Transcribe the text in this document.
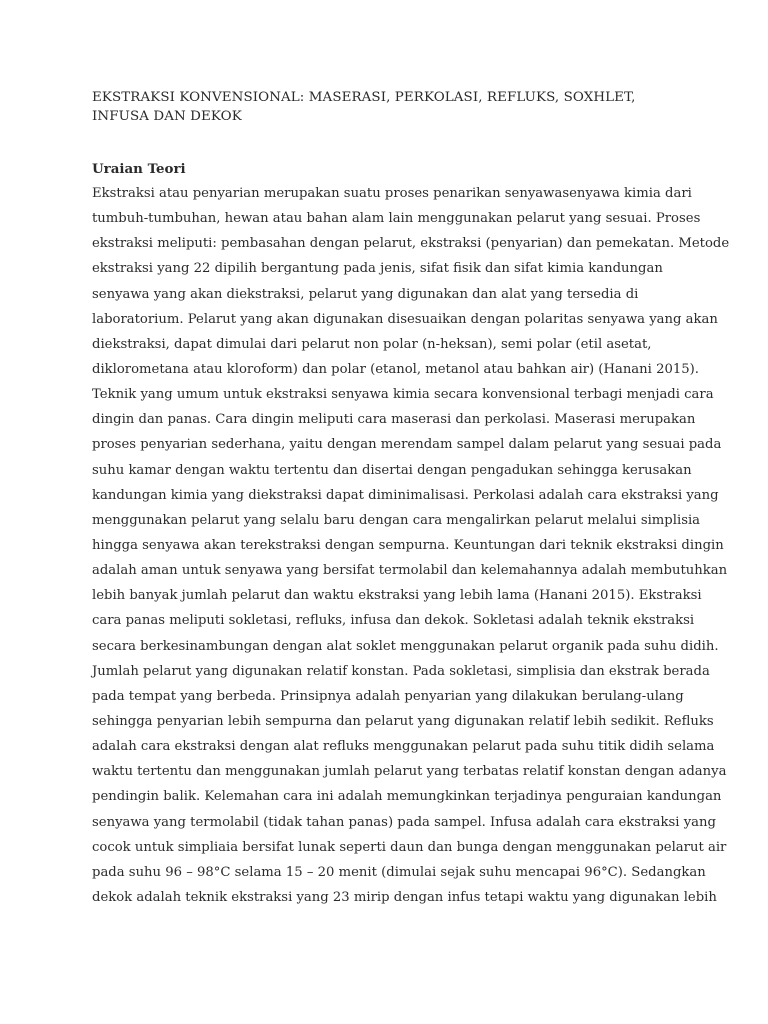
EKSTRAKSI KONVENSIONAL: MASERASI, PERKOLASI, REFLUKS, SOXHLET,
INFUSA DAN DEKOK
Uraian Teori
Ekstraksi atau penyarian merupakan suatu proses penarikan senyawasenyawa kimia dari
tumbuh-tumbuhan, hewan atau bahan alam lain menggunakan pelarut yang sesuai. Proses
ekstraksi meliputi: pembasahan dengan pelarut, ekstraksi (penyarian) dan pemekatan. Metode
ekstraksi yang 22 dipilih bergantung pada jenis, sifat fisik dan sifat kimia kandungan
senyawa yang akan diekstraksi, pelarut yang digunakan dan alat yang tersedia di
laboratorium. Pelarut yang akan digunakan disesuaikan dengan polaritas senyawa yang akan
diekstraksi, dapat dimulai dari pelarut non polar (n-heksan), semi polar (etil asetat,
diklorometana atau kloroform) dan polar (etanol, metanol atau bahkan air) (Hanani 2015).
Teknik yang umum untuk ekstraksi senyawa kimia secara konvensional terbagi menjadi cara
dingin dan panas. Cara dingin meliputi cara maserasi dan perkolasi. Maserasi merupakan
proses penyarian sederhana, yaitu dengan merendam sampel dalam pelarut yang sesuai pada
suhu kamar dengan waktu tertentu dan disertai dengan pengadukan sehingga kerusakan
kandungan kimia yang diekstraksi dapat diminimalisasi. Perkolasi adalah cara ekstraksi yang
menggunakan pelarut yang selalu baru dengan cara mengalirkan pelarut melalui simplisia
hingga senyawa akan terekstraksi dengan sempurna. Keuntungan dari teknik ekstraksi dingin
adalah aman untuk senyawa yang bersifat termolabil dan kelemahannya adalah membutuhkan
lebih banyak jumlah pelarut dan waktu ekstraksi yang lebih lama (Hanani 2015). Ekstraksi
cara panas meliputi sokletasi, refluks, infusa dan dekok. Sokletasi adalah teknik ekstraksi
secara berkesinambungan dengan alat soklet menggunakan pelarut organik pada suhu didih.
Jumlah pelarut yang digunakan relatif konstan. Pada sokletasi, simplisia dan ekstrak berada
pada tempat yang berbeda. Prinsipnya adalah penyarian yang dilakukan berulang-ulang
sehingga penyarian lebih sempurna dan pelarut yang digunakan relatif lebih sedikit. Refluks
adalah cara ekstraksi dengan alat refluks menggunakan pelarut pada suhu titik didih selama
waktu tertentu dan menggunakan jumlah pelarut yang terbatas relatif konstan dengan adanya
pendingin balik. Kelemahan cara ini adalah memungkinkan terjadinya penguraian kandungan
senyawa yang termolabil (tidak tahan panas) pada sampel. Infusa adalah cara ekstraksi yang
cocok untuk simpliaia bersifat lunak seperti daun dan bunga dengan menggunakan pelarut air
pada suhu 96 – 98°C selama 15 – 20 menit (dimulai sejak suhu mencapai 96°C). Sedangkan
dekok adalah teknik ekstraksi yang 23 mirip dengan infus tetapi waktu yang digunakan lebih
